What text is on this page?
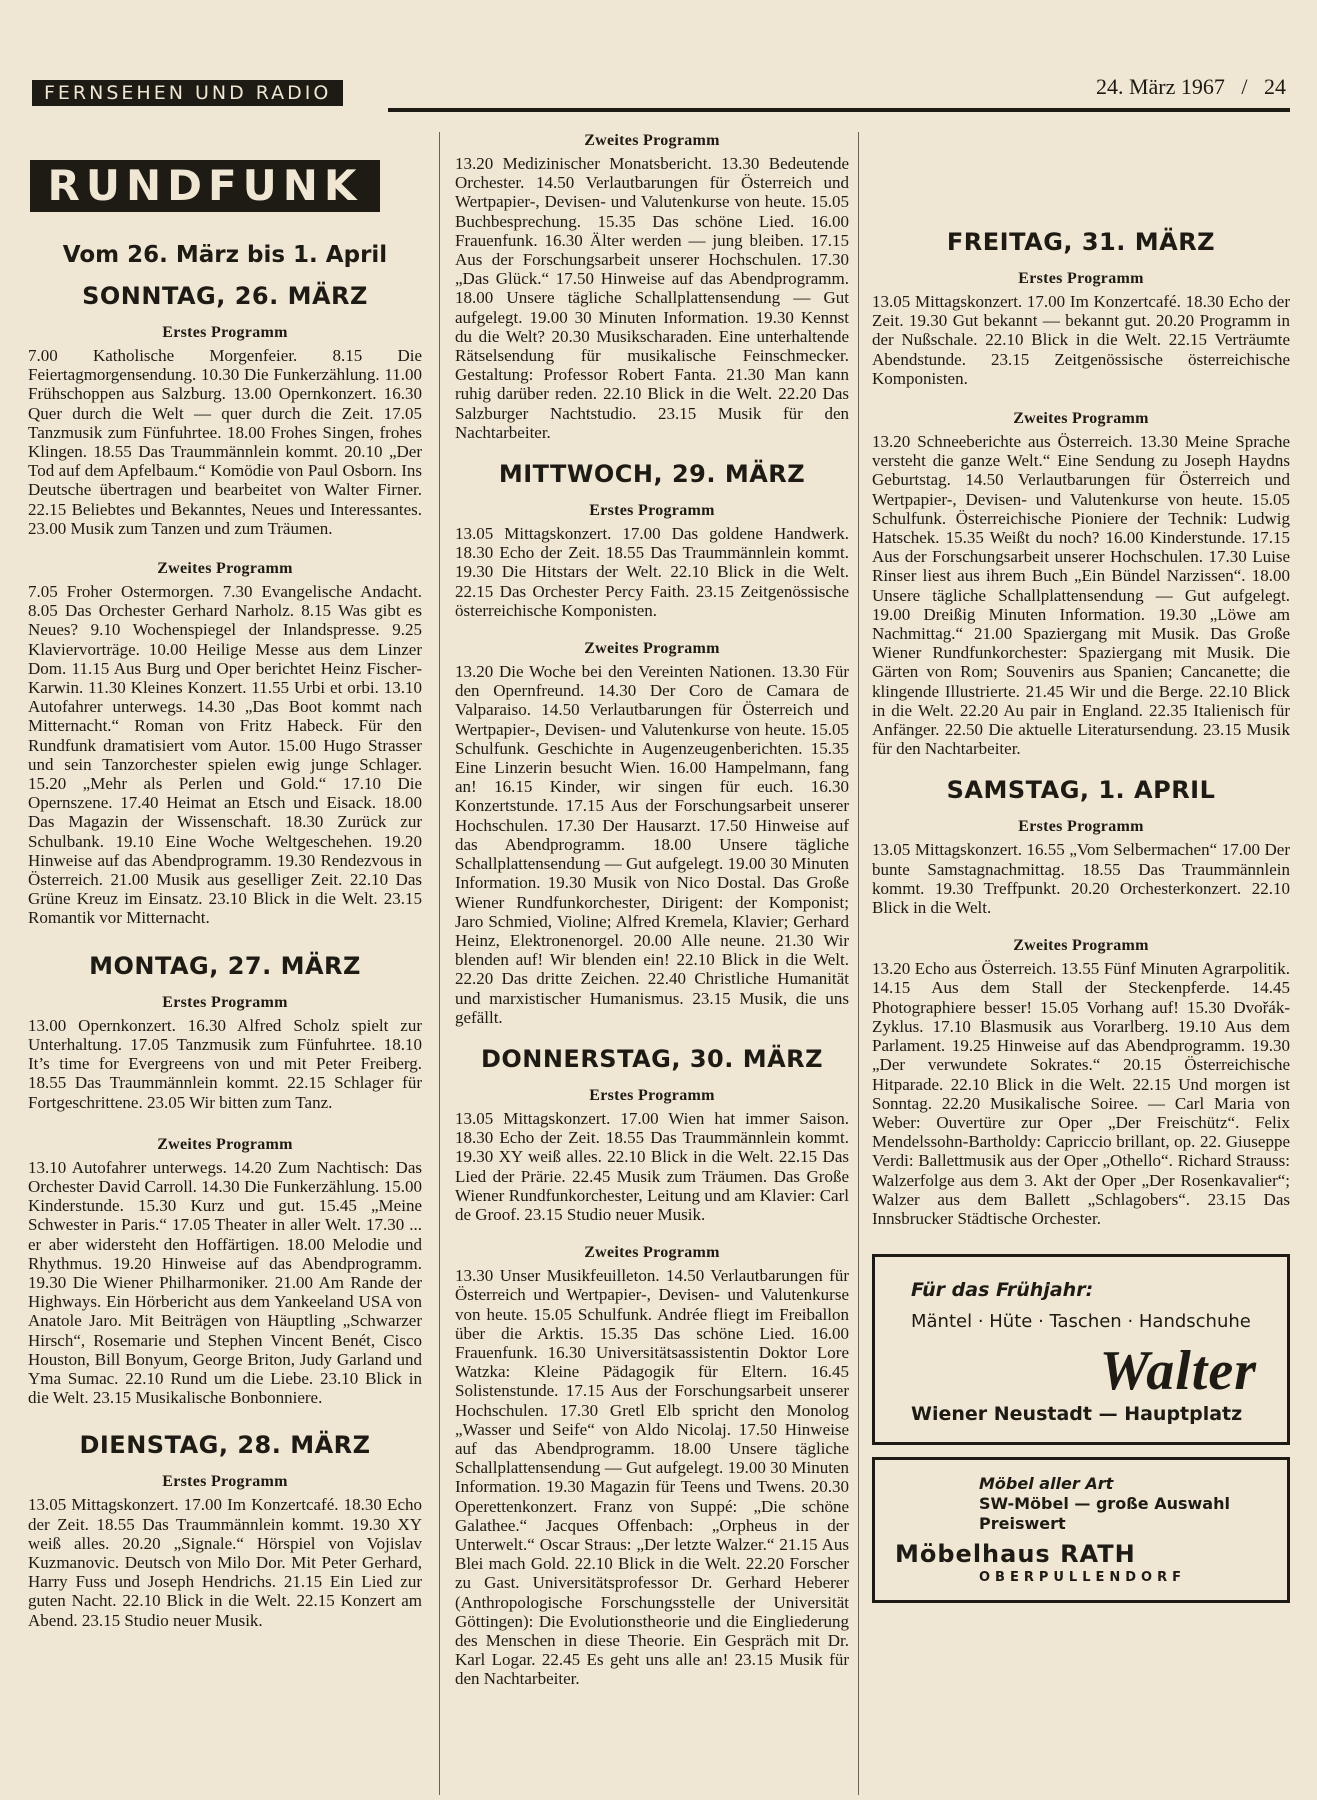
FERNSEHEN UND RADIO	24. März 1967 / 24
RUNDFUNK
Vom 26. März bis 1. April
SONNTAG, 26. MÄRZ
Erstes Programm

7.00 Katholische Morgenfeier. 8.15 Die Feiertagmorgensendung. 10.30 Die Funkerzählung. 11.00 Frühschoppen aus Salzburg. 13.00 Opernkonzert. 16.30 Quer durch die Welt — quer durch die Zeit. 17.05 Tanzmusik zum Fünfuhrtee. 18.00 Frohes Singen, frohes Klingen. 18.55 Das Traummännlein kommt. 20.10 „Der Tod auf dem Apfelbaum.“ Komödie von Paul Osborn. Ins Deutsche übertragen und bearbeitet von Walter Firner. 22.15 Beliebtes und Bekanntes, Neues und Interessantes. 23.00 Musik zum Tanzen und zum Träumen.

Zweites Programm

7.05 Froher Ostermorgen. 7.30 Evangelische Andacht. 8.05 Das Orchester Gerhard Narholz. 8.15 Was gibt es Neues? 9.10 Wochenspiegel der Inlandspresse. 9.25 Klaviervorträge. 10.00 Heilige Messe aus dem Linzer Dom. 11.15 Aus Burg und Oper berichtet Heinz Fischer-Karwin. 11.30 Kleines Konzert. 11.55 Urbi et orbi. 13.10 Autofahrer unterwegs. 14.30 „Das Boot kommt nach Mitternacht.“ Roman von Fritz Habeck. Für den Rundfunk dramatisiert vom Autor. 15.00 Hugo Strasser und sein Tanzorchester spielen ewig junge Schlager. 15.20 „Mehr als Perlen und Gold.“ 17.10 Die Opernszene. 17.40 Heimat an Etsch und Eisack. 18.00 Das Magazin der Wissenschaft. 18.30 Zurück zur Schulbank. 19.10 Eine Woche Weltgeschehen. 19.20 Hinweise auf das Abendprogramm. 19.30 Rendezvous in Österreich. 21.00 Musik aus geselliger Zeit. 22.10 Das Grüne Kreuz im Einsatz. 23.10 Blick in die Welt. 23.15 Romantik vor Mitternacht.

MONTAG, 27. MÄRZ
Erstes Programm

13.00 Opernkonzert. 16.30 Alfred Scholz spielt zur Unterhaltung. 17.05 Tanzmusik zum Fünfuhrtee. 18.10 It’s time for Evergreens von und mit Peter Freiberg. 18.55 Das Traummännlein kommt. 22.15 Schlager für Fortgeschrittene. 23.05 Wir bitten zum Tanz.

Zweites Programm

13.10 Autofahrer unterwegs. 14.20 Zum Nachtisch: Das Orchester David Carroll. 14.30 Die Funkerzählung. 15.00 Kinderstunde. 15.30 Kurz und gut. 15.45 „Meine Schwester in Paris.“ 17.05 Theater in aller Welt. 17.30 ... er aber widersteht den Hoffärtigen. 18.00 Melodie und Rhythmus. 19.20 Hinweise auf das Abendprogramm. 19.30 Die Wiener Philharmoniker. 21.00 Am Rande der Highways. Ein Hörbericht aus dem Yankeeland USA von Anatole Jaro. Mit Beiträgen von Häuptling „Schwarzer Hirsch“, Rosemarie und Stephen Vincent Benét, Cisco Houston, Bill Bonyum, George Briton, Judy Garland und Yma Sumac. 22.10 Rund um die Liebe. 23.10 Blick in die Welt. 23.15 Musikalische Bonbonniere.

DIENSTAG, 28. MÄRZ
Erstes Programm

13.05 Mittagskonzert. 17.00 Im Konzertcafé. 18.30 Echo der Zeit. 18.55 Das Traummännlein kommt. 19.30 XY weiß alles. 20.20 „Signale.“ Hörspiel von Vojislav Kuzmanovic. Deutsch von Milo Dor. Mit Peter Gerhard, Harry Fuss und Joseph Hendrichs. 21.15 Ein Lied zur guten Nacht. 22.10 Blick in die Welt. 22.15 Konzert am Abend. 23.15 Studio neuer Musik.

Zweites Programm

13.20 Medizinischer Monatsbericht. 13.30 Bedeutende Orchester. 14.50 Verlautbarungen für Österreich und Wertpapier-, Devisen- und Valutenkurse von heute. 15.05 Buchbesprechung. 15.35 Das schöne Lied. 16.00 Frauenfunk. 16.30 Älter werden — jung bleiben. 17.15 Aus der Forschungsarbeit unserer Hochschulen. 17.30 „Das Glück.“ 17.50 Hinweise auf das Abendprogramm. 18.00 Unsere tägliche Schallplattensendung — Gut aufgelegt. 19.00 30 Minuten Information. 19.30 Kennst du die Welt? 20.30 Musikscharaden. Eine unterhaltende Rätselsendung für musikalische Feinschmecker. Gestaltung: Professor Robert Fanta. 21.30 Man kann ruhig darüber reden. 22.10 Blick in die Welt. 22.20 Das Salzburger Nachtstudio. 23.15 Musik für den Nachtarbeiter.

MITTWOCH, 29. MÄRZ
Erstes Programm

13.05 Mittagskonzert. 17.00 Das goldene Handwerk. 18.30 Echo der Zeit. 18.55 Das Traummännlein kommt. 19.30 Die Hitstars der Welt. 22.10 Blick in die Welt. 22.15 Das Orchester Percy Faith. 23.15 Zeitgenössische österreichische Komponisten.

Zweites Programm

13.20 Die Woche bei den Vereinten Nationen. 13.30 Für den Opernfreund. 14.30 Der Coro de Camara de Valparaiso. 14.50 Verlautbarungen für Österreich und Wertpapier-, Devisen- und Valutenkurse von heute. 15.05 Schulfunk. Geschichte in Augenzeugenberichten. 15.35 Eine Linzerin besucht Wien. 16.00 Hampelmann, fang an! 16.15 Kinder, wir singen für euch. 16.30 Konzertstunde. 17.15 Aus der Forschungsarbeit unserer Hochschulen. 17.30 Der Hausarzt. 17.50 Hinweise auf das Abendprogramm. 18.00 Unsere tägliche Schallplattensendung — Gut aufgelegt. 19.00 30 Minuten Information. 19.30 Musik von Nico Dostal. Das Große Wiener Rundfunkorchester, Dirigent: der Komponist; Jaro Schmied, Violine; Alfred Kremela, Klavier; Gerhard Heinz, Elektronenorgel. 20.00 Alle neune. 21.30 Wir blenden auf! Wir blenden ein! 22.10 Blick in die Welt. 22.20 Das dritte Zeichen. 22.40 Christliche Humanität und marxistischer Humanismus. 23.15 Musik, die uns gefällt.

DONNERSTAG, 30. MÄRZ
Erstes Programm

13.05 Mittagskonzert. 17.00 Wien hat immer Saison. 18.30 Echo der Zeit. 18.55 Das Traummännlein kommt. 19.30 XY weiß alles. 22.10 Blick in die Welt. 22.15 Das Lied der Prärie. 22.45 Musik zum Träumen. Das Große Wiener Rundfunkorchester, Leitung und am Klavier: Carl de Groof. 23.15 Studio neuer Musik.

Zweites Programm

13.30 Unser Musikfeuilleton. 14.50 Verlautbarungen für Österreich und Wertpapier-, Devisen- und Valutenkurse von heute. 15.05 Schulfunk. Andrée fliegt im Freiballon über die Arktis. 15.35 Das schöne Lied. 16.00 Frauenfunk. 16.30 Universitätsassistentin Doktor Lore Watzka: Kleine Pädagogik für Eltern. 16.45 Solistenstunde. 17.15 Aus der Forschungsarbeit unserer Hochschulen. 17.30 Gretl Elb spricht den Monolog „Wasser und Seife“ von Aldo Nicolaj. 17.50 Hinweise auf das Abendprogramm. 18.00 Unsere tägliche Schallplattensendung — Gut aufgelegt. 19.00 30 Minuten Information. 19.30 Magazin für Teens und Twens. 20.30 Operettenkonzert. Franz von Suppé: „Die schöne Galathee.“ Jacques Offenbach: „Orpheus in der Unterwelt.“ Oscar Straus: „Der letzte Walzer.“ 21.15 Aus Blei mach Gold. 22.10 Blick in die Welt. 22.20 Forscher zu Gast. Universitätsprofessor Dr. Gerhard Heberer (Anthropologische Forschungsstelle der Universität Göttingen): Die Evolutionstheorie und die Eingliederung des Menschen in diese Theorie. Ein Gespräch mit Dr. Karl Logar. 22.45 Es geht uns alle an! 23.15 Musik für den Nachtarbeiter.

FREITAG, 31. MÄRZ
Erstes Programm

13.05 Mittagskonzert. 17.00 Im Konzertcafé. 18.30 Echo der Zeit. 19.30 Gut bekannt — bekannt gut. 20.20 Programm in der Nußschale. 22.10 Blick in die Welt. 22.15 Verträumte Abendstunde. 23.15 Zeitgenössische österreichische Komponisten.

Zweites Programm

13.20 Schneeberichte aus Österreich. 13.30 Meine Sprache versteht die ganze Welt.“ Eine Sendung zu Joseph Haydns Geburtstag. 14.50 Verlautbarungen für Österreich und Wertpapier-, Devisen- und Valutenkurse von heute. 15.05 Schulfunk. Österreichische Pioniere der Technik: Ludwig Hatschek. 15.35 Weißt du noch? 16.00 Kinderstunde. 17.15 Aus der Forschungsarbeit unserer Hochschulen. 17.30 Luise Rinser liest aus ihrem Buch „Ein Bündel Narzissen“. 18.00 Unsere tägliche Schallplattensendung — Gut aufgelegt. 19.00 Dreißig Minuten Information. 19.30 „Löwe am Nachmittag.“ 21.00 Spaziergang mit Musik. Das Große Wiener Rundfunkorchester: Spaziergang mit Musik. Die Gärten von Rom; Souvenirs aus Spanien; Cancanette; die klingende Illustrierte. 21.45 Wir und die Berge. 22.10 Blick in die Welt. 22.20 Au pair in England. 22.35 Italienisch für Anfänger. 22.50 Die aktuelle Literatursendung. 23.15 Musik für den Nachtarbeiter.

SAMSTAG, 1. APRIL
Erstes Programm

13.05 Mittagskonzert. 16.55 „Vom Selbermachen“ 17.00 Der bunte Samstagnachmittag. 18.55 Das Traummännlein kommt. 19.30 Treffpunkt. 20.20 Orchesterkonzert. 22.10 Blick in die Welt.

Zweites Programm

13.20 Echo aus Österreich. 13.55 Fünf Minuten Agrarpolitik. 14.15 Aus dem Stall der Steckenpferde. 14.45 Photographiere besser! 15.05 Vorhang auf! 15.30 Dvořák-Zyklus. 17.10 Blasmusik aus Vorarlberg. 19.10 Aus dem Parlament. 19.25 Hinweise auf das Abendprogramm. 19.30 „Der verwundete Sokrates.“ 20.15 Österreichische Hitparade. 22.10 Blick in die Welt. 22.15 Und morgen ist Sonntag. 22.20 Musikalische Soiree. — Carl Maria von Weber: Ouvertüre zur Oper „Der Freischütz“. Felix Mendelssohn-Bartholdy: Capriccio brillant, op. 22. Giuseppe Verdi: Ballettmusik aus der Oper „Othello“. Richard Strauss: Walzerfolge aus dem 3. Akt der Oper „Der Rosenkavalier“; Walzer aus dem Ballett „Schlagobers“. 23.15 Das Innsbrucker Städtische Orchester.

Für das Frühjahr:
Mäntel · Hüte · Taschen · Handschuhe
Walter
Wiener Neustadt — Hauptplatz
Möbel aller Art
SW-Möbel — große Auswahl
Preiswert
Möbelhaus RATH
OBERPULLENDORF
